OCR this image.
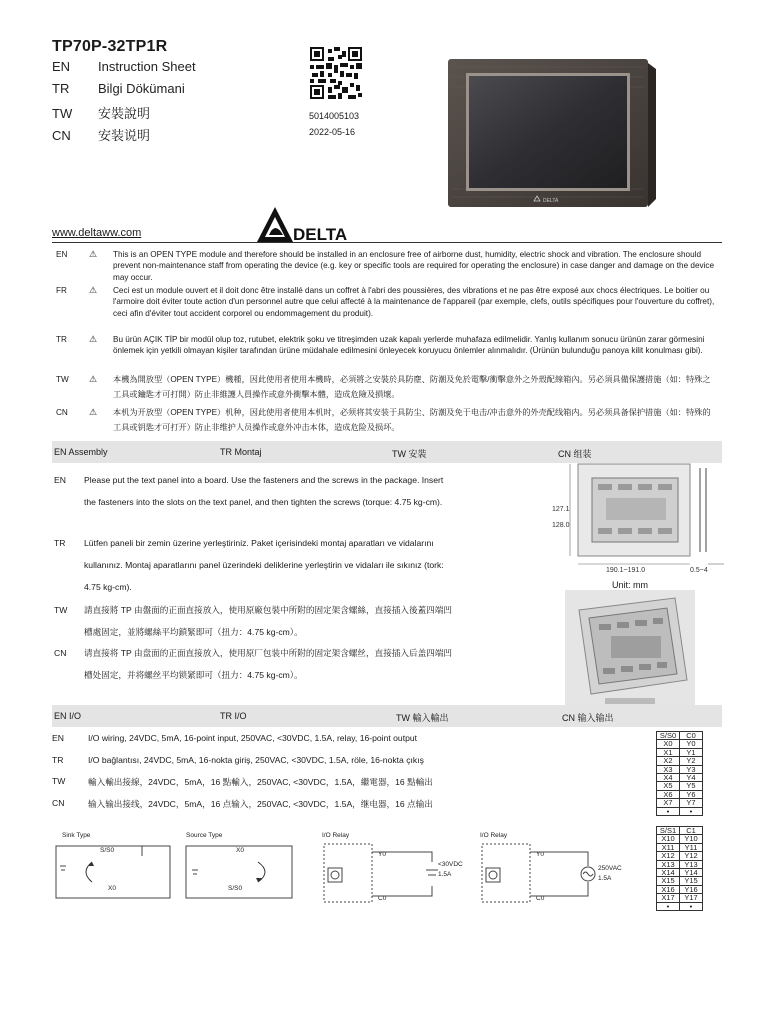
TP70P-32TP1R
EN Instruction Sheet
TR Bilgi Dökümani
TW 安裝說明
CN 安装说明
5014005103
2022-05-16
DELTA
www.deltaww.com	DELTA
EN ⚠ This is an OPEN TYPE module and therefore should be installed in an enclosure free of airborne dust, humidity, electric shock and vibration. The enclosure should prevent non-maintenance staff from operating the device (e.g. key or specific tools are required for operating the enclosure) in case danger and damage on the device may occur.
FR ⚠ Ceci est un module ouvert et il doit donc être installé dans un coffret à l'abri des poussières, des vibrations et ne pas être exposé aux chocs électriques. Le boitier ou l'armoire doit éviter toute action d'un personnel autre que celui affecté à la maintenance de l'appareil (par exemple, clefs, outils spécifiques pour l'ouverture du coffret), ceci afin d'éviter tout accident corporel ou endommagement du produit).
TR ⚠ Bu ürün AÇIK TİP bir modül olup toz, rutubet, elektrik şoku ve titreşimden uzak kapalı yerlerde muhafaza edilmelidir. Yanlış kullanım sonucu ürünün zarar görmesini önlemek için yetkili olmayan kişiler tarafından ürüne müdahale edilmesini önleyecek koruyucu önlemler alınmalıdır. (Ürünün bulunduğu panoya kilit konulması gibi).
TW ⚠ 本機為開放型（OPEN TYPE）機種，因此使用者使用本機時，必須將之安裝於具防塵、防潮及免於電擊/衝擊意外之外殼配線箱內。另必須具備保護措施（如：特殊之工具或鑰匙才可打開）防止非維護人員操作或意外衝擊本體，造成危險及損壞。
CN ⚠ 本机为开放型（OPEN TYPE）机种，因此使用者使用本机时，必须将其安装于具防尘、防潮及免于电击/冲击意外的外壳配线箱内。另必须具备保护措施（如：特殊的工具或钥匙才可打开）防止非维护人员操作或意外冲击本体，造成危险及损坏。
EN Assembly	TR Montaj	TW 安裝	CN 组装
EN Please put the text panel into a board. Use the fasteners and the screws in the package. Insert
the fasteners into the slots on the text panel, and then tighten the screws (torque: 4.75 kg-cm).
TR Lütfen paneli bir zemin üzerine yerleştiriniz. Paket içerisindeki montaj aparatları ve vidalarını
kullanınız. Montaj aparatlarını panel üzerindeki deliklerine yerleştirin ve vidaları ile sıkınız (tork:
4.75 kg-cm).
TW 請直接將 TP 由盤面的正面直接放入，使用原廠包裝中所附的固定架含螺絲，直接插入後蓋四端凹
槽處固定，並將螺絲平均鎖緊即可（扭力：4.75 kg-cm）。
CN 请直接将 TP 由盘面的正面直接放入，使用原厂包装中所附的固定架含螺丝，直接插入后盖四端凹
槽处固定，并将螺丝平均锁紧即可（扭力：4.75 kg-cm）。
127.1
128.0
190.1~191.0	0.5~4
Unit: mm
EN I/O	TR I/O	TW 輸入輸出	CN 输入输出
EN	I/O wiring, 24VDC, 5mA, 16-point input, 250VAC, <30VDC, 1.5A, relay, 16-point output
TR	I/O bağlantısı, 24VDC, 5mA, 16-nokta giriş, 250VAC, <30VDC, 1.5A, röle, 16-nokta çıkış
TW	輸入輸出接線，24VDC，5mA，16 點輸入，250VAC, <30VDC，1.5A，繼電器，16 點輸出
CN	输入输出接线，24VDC，5mA，16 点输入，250VAC, <30VDC，1.5A，继电器，16 点输出
S/S0	C0
X0	Y0
X1	Y1
X2	Y2
X3	Y3
X4	Y4
X5	Y5
X6	Y6
X7	Y7
•	•
S/S1	C1
X10	Y10
X11	Y11
X12	Y12
X13	Y13
X14	Y14
X15	Y15
X16	Y16
X17	Y17
•	•
Sink Type
S/S0
X0
Source Type
X0
S/S0
I/O Relay
Y0
C0
<30VDC
1.5A
I/O Relay
Y0
C0
250VAC
1.5A
